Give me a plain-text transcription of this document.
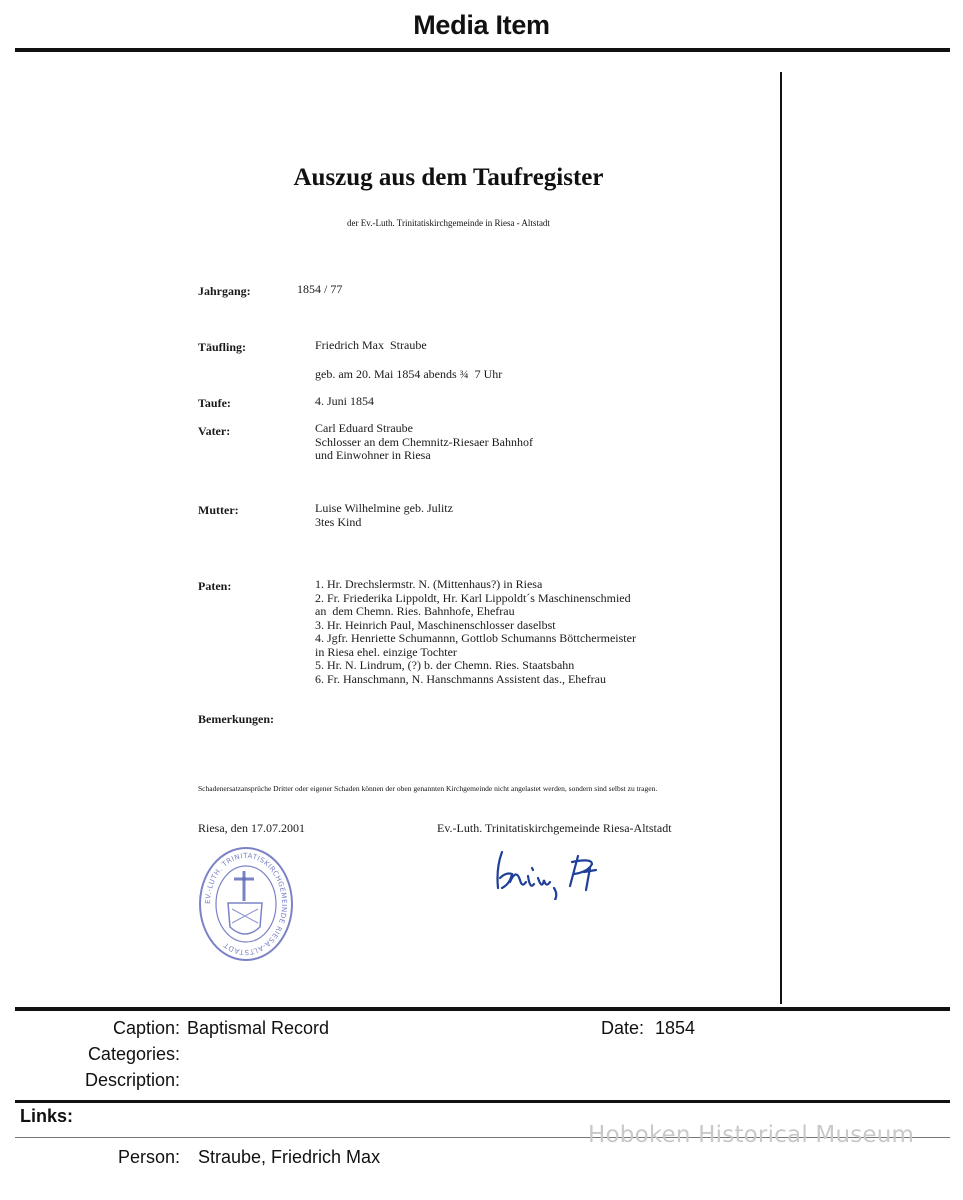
Media Item
Auszug aus dem Taufregister
der Ev.-Luth. Trinitatiskirchgemeinde in Riesa - Altstadt
Jahrgang:	1854 / 77
Täufling:	Friedrich Max  Straube
geb. am 20. Mai 1854 abends ¾  7 Uhr
Taufe:	4. Juni 1854
Vater:	Carl Eduard Straube
Schlosser an dem Chemnitz-Riesaer Bahnhof
und Einwohner in Riesa
Mutter:	Luise Wilhelmine geb. Julitz
3tes Kind
Paten:	1. Hr. Drechslermstr. N. (Mittenhaus?) in Riesa
2. Fr. Friederika Lippoldt, Hr. Karl Lippoldt´s Maschinenschmied
an  dem Chemn. Ries. Bahnhofe, Ehefrau
3. Hr. Heinrich Paul, Maschinenschlosser daselbst
4. Jgfr. Henriette Schumannn, Gottlob Schumanns Böttchermeister
in Riesa ehel. einzige Tochter
5. Hr. N. Lindrum, (?) b. der Chemn. Ries. Staatsbahn
6. Fr. Hanschmann, N. Hanschmanns Assistent das., Ehefrau
Bemerkungen:
Schadenersatzansprüche Dritter oder eigener Schaden können der oben genannten Kirchgemeinde nicht angelastet werden, sondern sind selbst zu tragen.
Riesa, den 17.07.2001	Ev.-Luth. Trinitatiskirchgemeinde Riesa-Altstadt
EV.-LUTH. TRINITATISKIRCHGEMEINDE RIESA-ALTSTADT
Caption: Baptismal Record	Date: 1854
Categories:
Description:
Links:
Person: Straube, Friedrich Max
Hoboken Historical Museum
